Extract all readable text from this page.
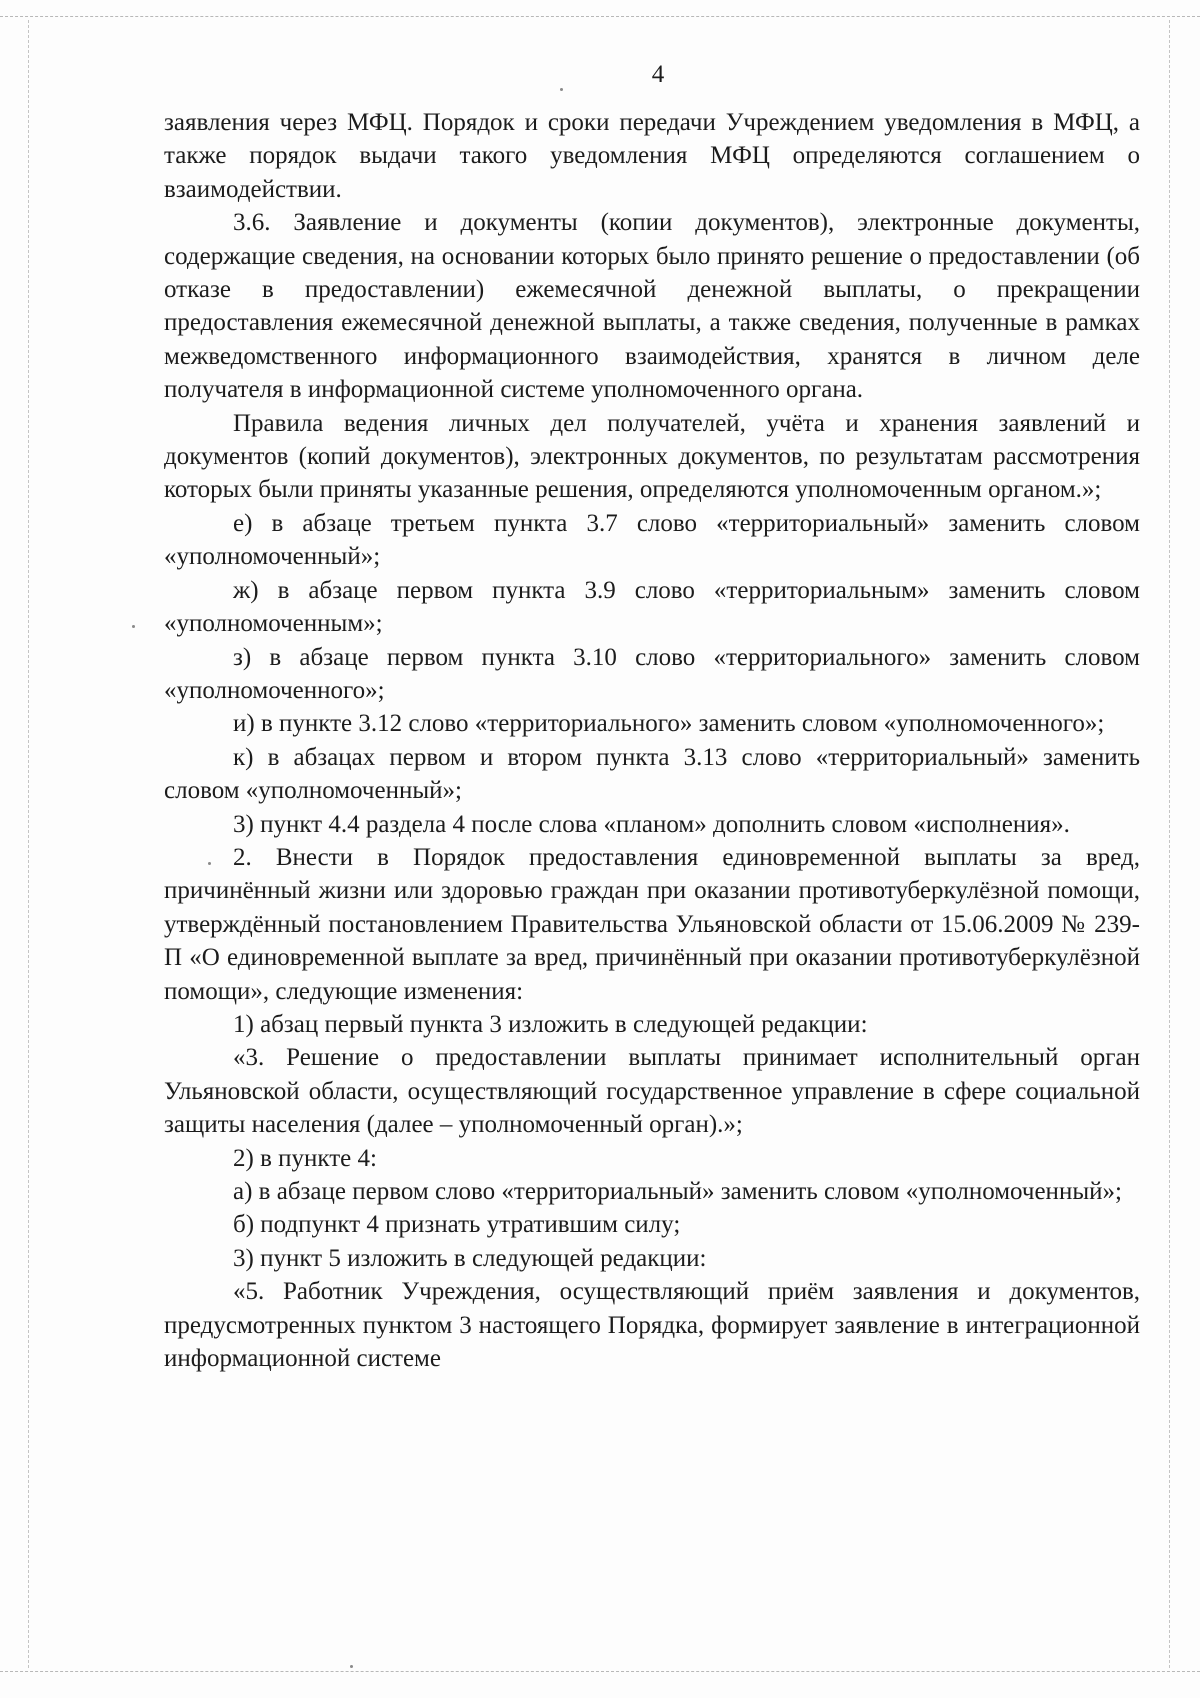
4

заявления через МФЦ. Порядок и сроки передачи Учреждением уведомления в МФЦ, а также порядок выдачи такого уведомления МФЦ определяются соглашением о взаимодействии.

3.6. Заявление и документы (копии документов), электронные документы, содержащие сведения, на основании которых было принято решение о предоставлении (об отказе в предоставлении) ежемесячной денежной выплаты, о прекращении предоставления ежемесячной денежной выплаты, а также сведения, полученные в рамках межведомственного информационного взаимодействия, хранятся в личном деле получателя в информационной системе уполномоченного органа.

Правила ведения личных дел получателей, учёта и хранения заявлений и документов (копий документов), электронных документов, по результатам рассмотрения которых были приняты указанные решения, определяются уполномоченным органом.»;

е) в абзаце третьем пункта 3.7 слово «территориальный» заменить словом «уполномоченный»;

ж) в абзаце первом пункта 3.9 слово «территориальным» заменить словом «уполномоченным»;

з) в абзаце первом пункта 3.10 слово «территориального» заменить словом «уполномоченного»;

и) в пункте 3.12 слово «территориального» заменить словом «уполномоченного»;

к) в абзацах первом и втором пункта 3.13 слово «территориальный» заменить словом «уполномоченный»;

3) пункт 4.4 раздела 4 после слова «планом» дополнить словом «исполнения».

2. Внести в Порядок предоставления единовременной выплаты за вред, причинённый жизни или здоровью граждан при оказании противотуберкулёзной помощи, утверждённый постановлением Правительства Ульяновской области от 15.06.2009 № 239-П «О единовременной выплате за вред, причинённый при оказании противотуберкулёзной помощи», следующие изменения:

1) абзац первый пункта 3 изложить в следующей редакции:

«3. Решение о предоставлении выплаты принимает исполнительный орган Ульяновской области, осуществляющий государственное управление в сфере социальной защиты населения (далее – уполномоченный орган).»;

2) в пункте 4:

а) в абзаце первом слово «территориальный» заменить словом «уполномоченный»;

б) подпункт 4 признать утратившим силу;

3) пункт 5 изложить в следующей редакции:

«5. Работник Учреждения, осуществляющий приём заявления и документов, предусмотренных пунктом 3 настоящего Порядка, формирует заявление в интеграционной информационной системе
